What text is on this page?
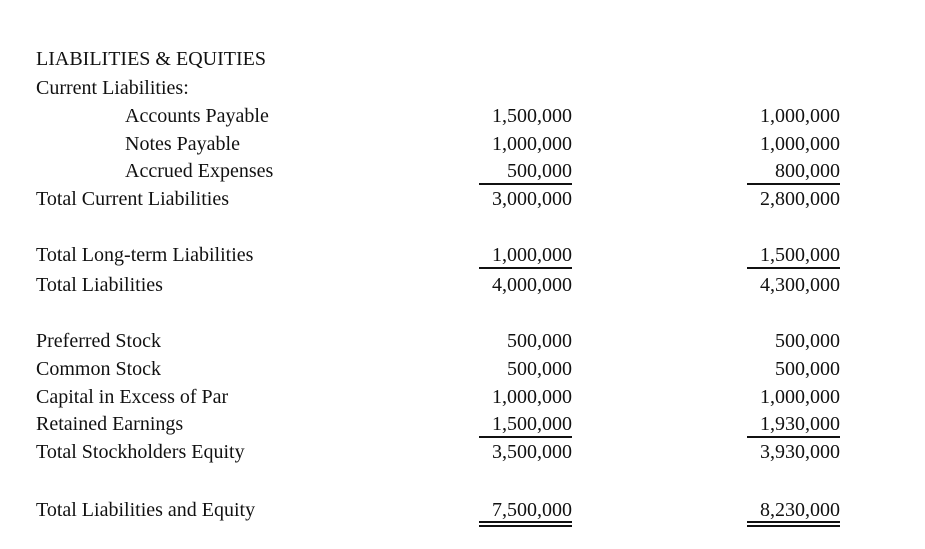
LIABILITIES & EQUITIES
Current Liabilities:
Accounts Payable	1,500,000	1,000,000
Notes Payable	1,000,000	1,000,000
Accrued Expenses	500,000	800,000
Total Current Liabilities	3,000,000	2,800,000
Total Long-term Liabilities	1,000,000	1,500,000
Total Liabilities	4,000,000	4,300,000
Preferred Stock	500,000	500,000
Common Stock	500,000	500,000
Capital in Excess of Par	1,000,000	1,000,000
Retained Earnings	1,500,000	1,930,000
Total Stockholders Equity	3,500,000	3,930,000
Total Liabilities and Equity	7,500,000	8,230,000
